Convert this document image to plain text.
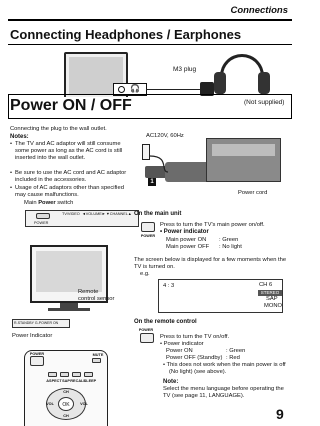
Connections
Connecting Headphones / Earphones
🎧
M3 plug
(Not supplied)
Power ON / OFF
Connecting the plug to the wall outlet.
Notes:
• The TV and AC adaptor will still consume some power as long as the AC cord is still inserted into the wall outlet.
• Be sure to use the AC cord and AC adaptor included in the accessories.
• Usage of AC adaptors other than specified may cause malfunctions.
AC120V, 60Hz
1
Power cord
Main Power switch
POWER
TV/VIDEO ◄VOLUME► ▼CHANNEL▲
Remote
control sensor
R-STANDBY G-POWER ON
Power Indicator
POWER	MUTE
ASPECT SAP RECALL
SLEEP
OK
CH
VOL	VOL
CH
On the main unit
POWER
Press to turn the TV's main power on/off.
• Power indicator
Main power ON : Green
Main power OFF : No light
The screen below is displayed for a few moments when the TV is turned on.
e.g.
4 : 3	CH 6
STEREO
SAP
MONO
On the remote control
POWER
Press to turn the TV on/off.
• Power indicator
Power ON	: Green
Power OFF (Standby) : Red
• This does not work when the main power is off
(No light) (see above).
Note:
Select the menu language before operating the TV (see page 11, LANGUAGE).
9
